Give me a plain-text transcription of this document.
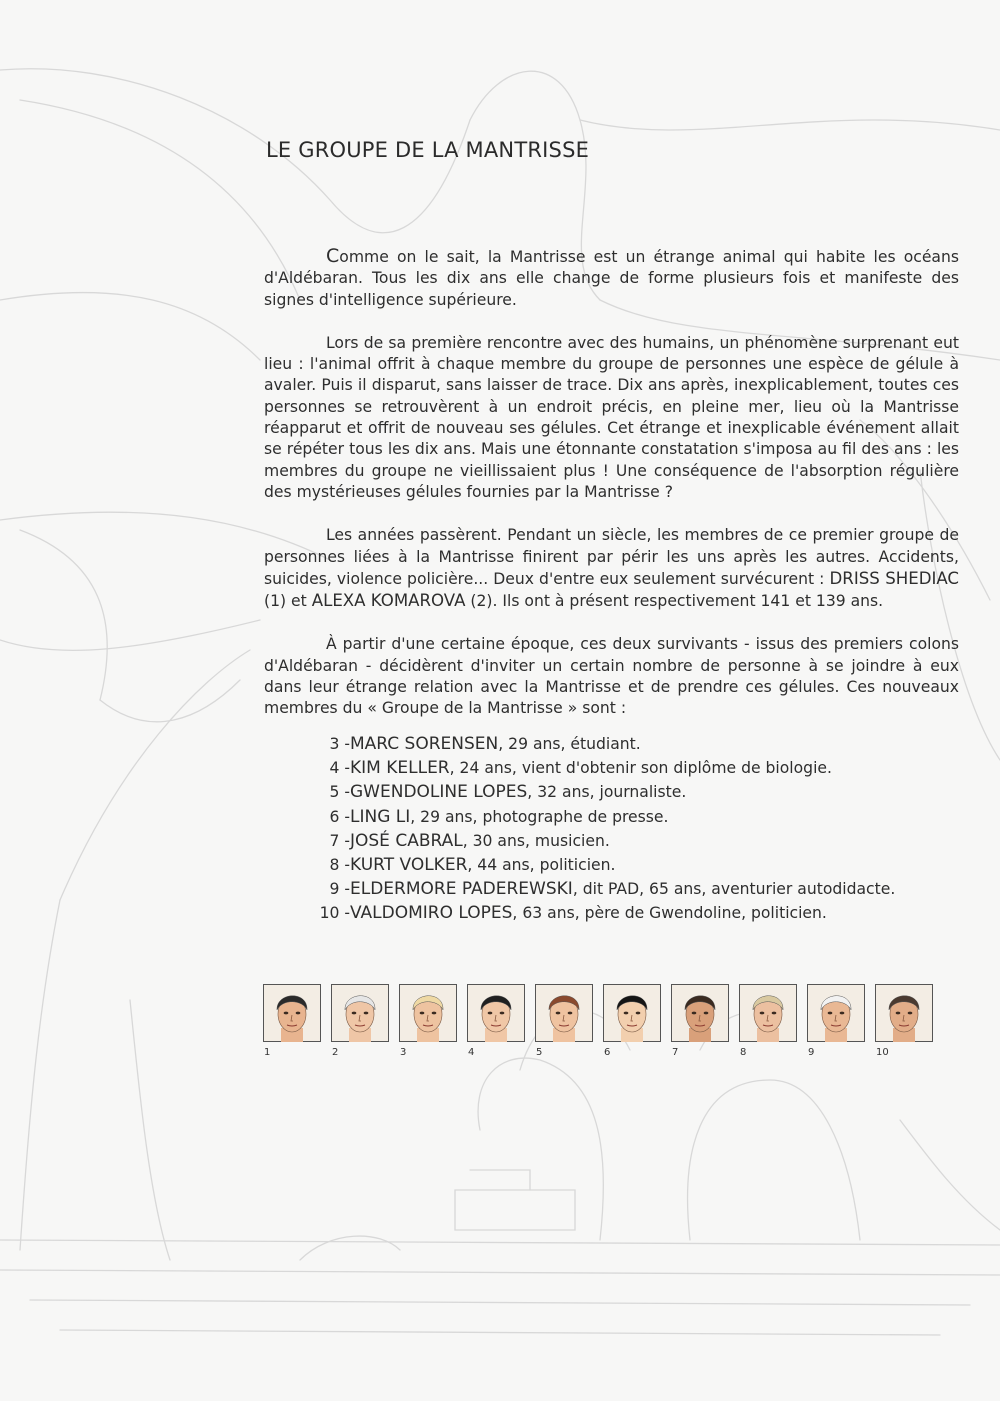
LE GROUPE DE LA MANTRISSE

Comme on le sait, la Mantrisse est un étrange animal qui habite les océans d'Aldébaran. Tous les dix ans elle change de forme plusieurs fois et manifeste des signes d'intelligence supérieure.

Lors de sa première rencontre avec des humains, un phénomène surprenant eut lieu : l'animal offrit à chaque membre du groupe de personnes une espèce de gélule à avaler. Puis il disparut, sans laisser de trace. Dix ans après, inexplicablement, toutes ces personnes se retrouvèrent à un endroit précis, en pleine mer, lieu où la Mantrisse réapparut et offrit de nouveau ses gélules. Cet étrange et inexplicable événement allait se répéter tous les dix ans. Mais une étonnante constatation s'imposa au fil des ans : les membres du groupe ne vieillissaient plus ! Une conséquence de l'absorption régulière des mystérieuses gélules fournies par la Mantrisse ?

Les années passèrent. Pendant un siècle, les membres de ce premier groupe de personnes liées à la Mantrisse finirent par périr les uns après les autres. Accidents, suicides, violence policière... Deux d'entre eux seulement survécurent : DRISS SHEDIAC (1) et ALEXA KOMAROVA (2). Ils ont à présent respectivement 141 et 139 ans.

À partir d'une certaine époque, ces deux survivants - issus des premiers colons d'Aldébaran - décidèrent d'inviter un certain nombre de personne à se joindre à eux dans leur étrange relation avec la Mantrisse et de prendre ces gélules. Ces nouveaux membres du « Groupe de la Mantrisse » sont :

3 -MARC SORENSEN, 29 ans, étudiant.
4 -KIM KELLER, 24 ans, vient d'obtenir son diplôme de biologie.
5 -GWENDOLINE LOPES, 32 ans, journaliste.
6 -LING LI, 29 ans, photographe de presse.
7 -JOSÉ CABRAL, 30 ans, musicien.
8 -KURT VOLKER, 44 ans, politicien.
9 -ELDERMORE PADEREWSKI, dit PAD, 65 ans, aventurier autodidacte.
10 -VALDOMIRO LOPES, 63 ans, père de Gwendoline, politicien.
1	2	3	4	5	6	7	8	9	10
